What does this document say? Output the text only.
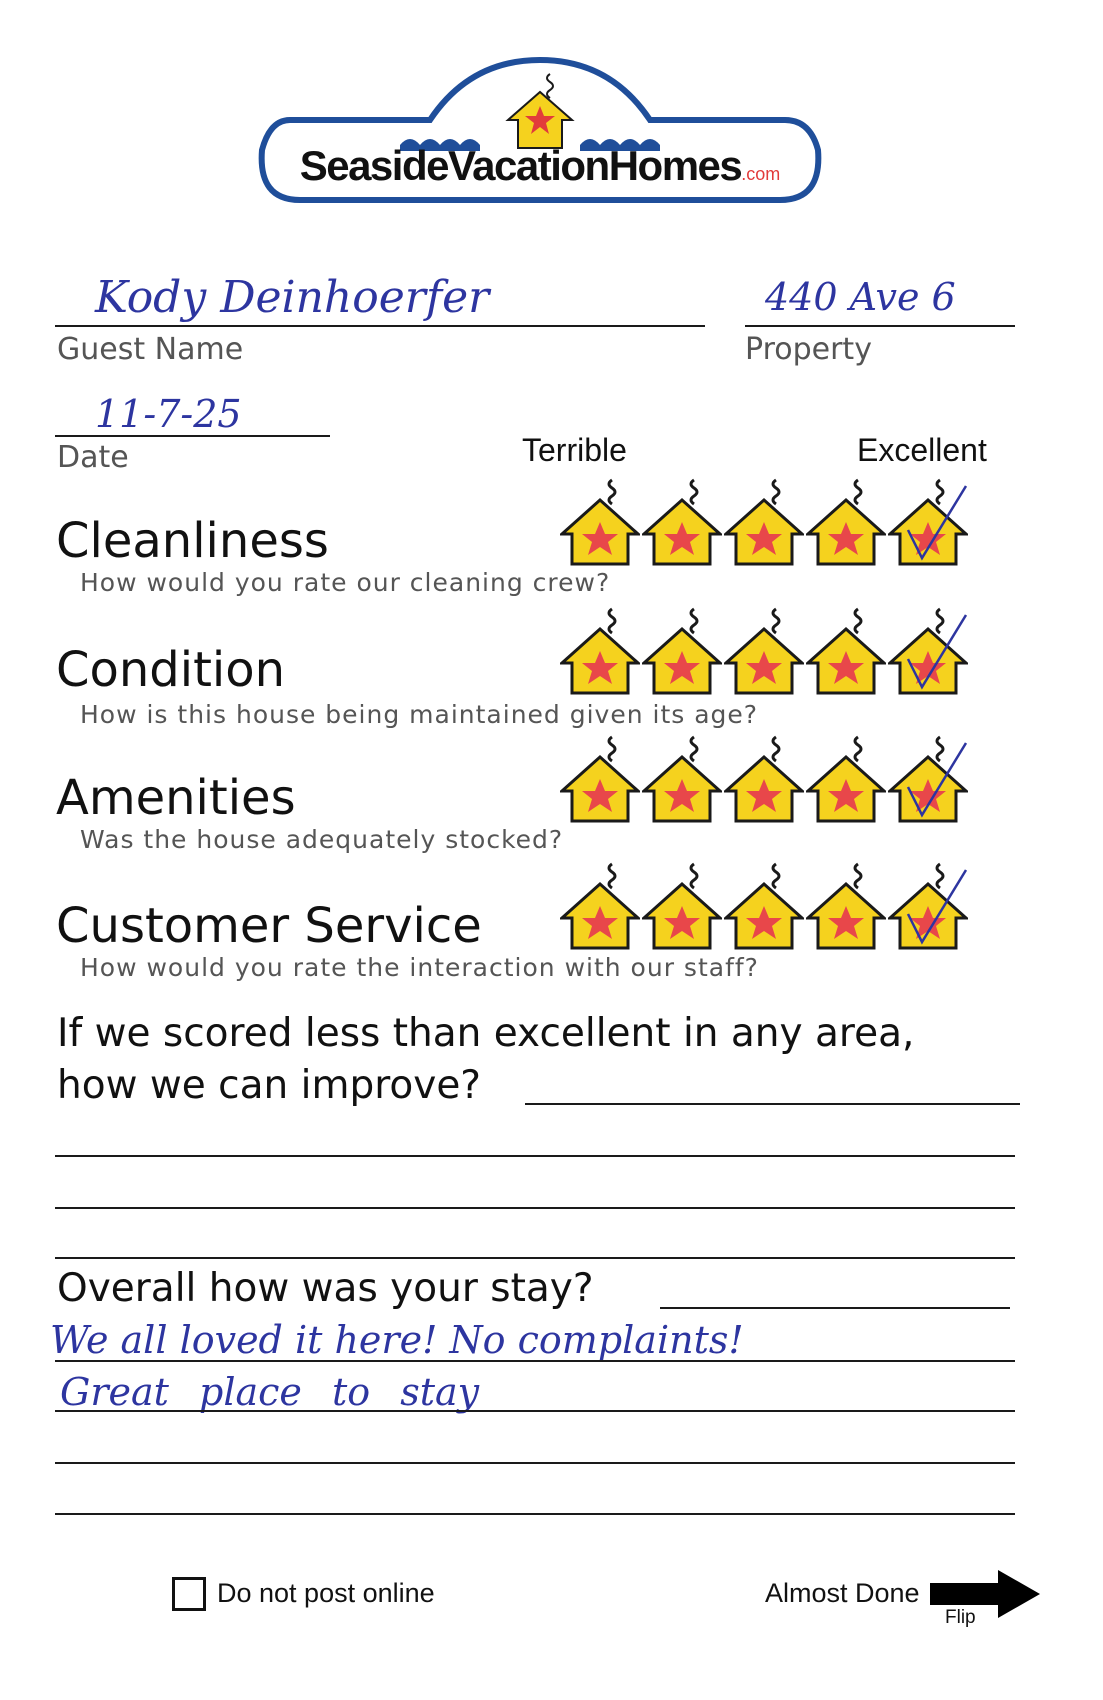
SeasideVacationHomes.com
Kody Deinhoerfer
Guest Name
440 Ave 6
Property
11-7-25
Date	Terrible	Excellent
Cleanliness
How would you rate our cleaning crew?
Condition
How is this house being maintained given its age?
Amenities
Was the house adequately stocked?
Customer Service
How would you rate the interaction with our staff?
If we scored less than excellent in any area,
how we can improve?
Overall how was your stay?
We all loved it here! No complaints!
Great place to stay
Do not post online	Almost Done
Flip
